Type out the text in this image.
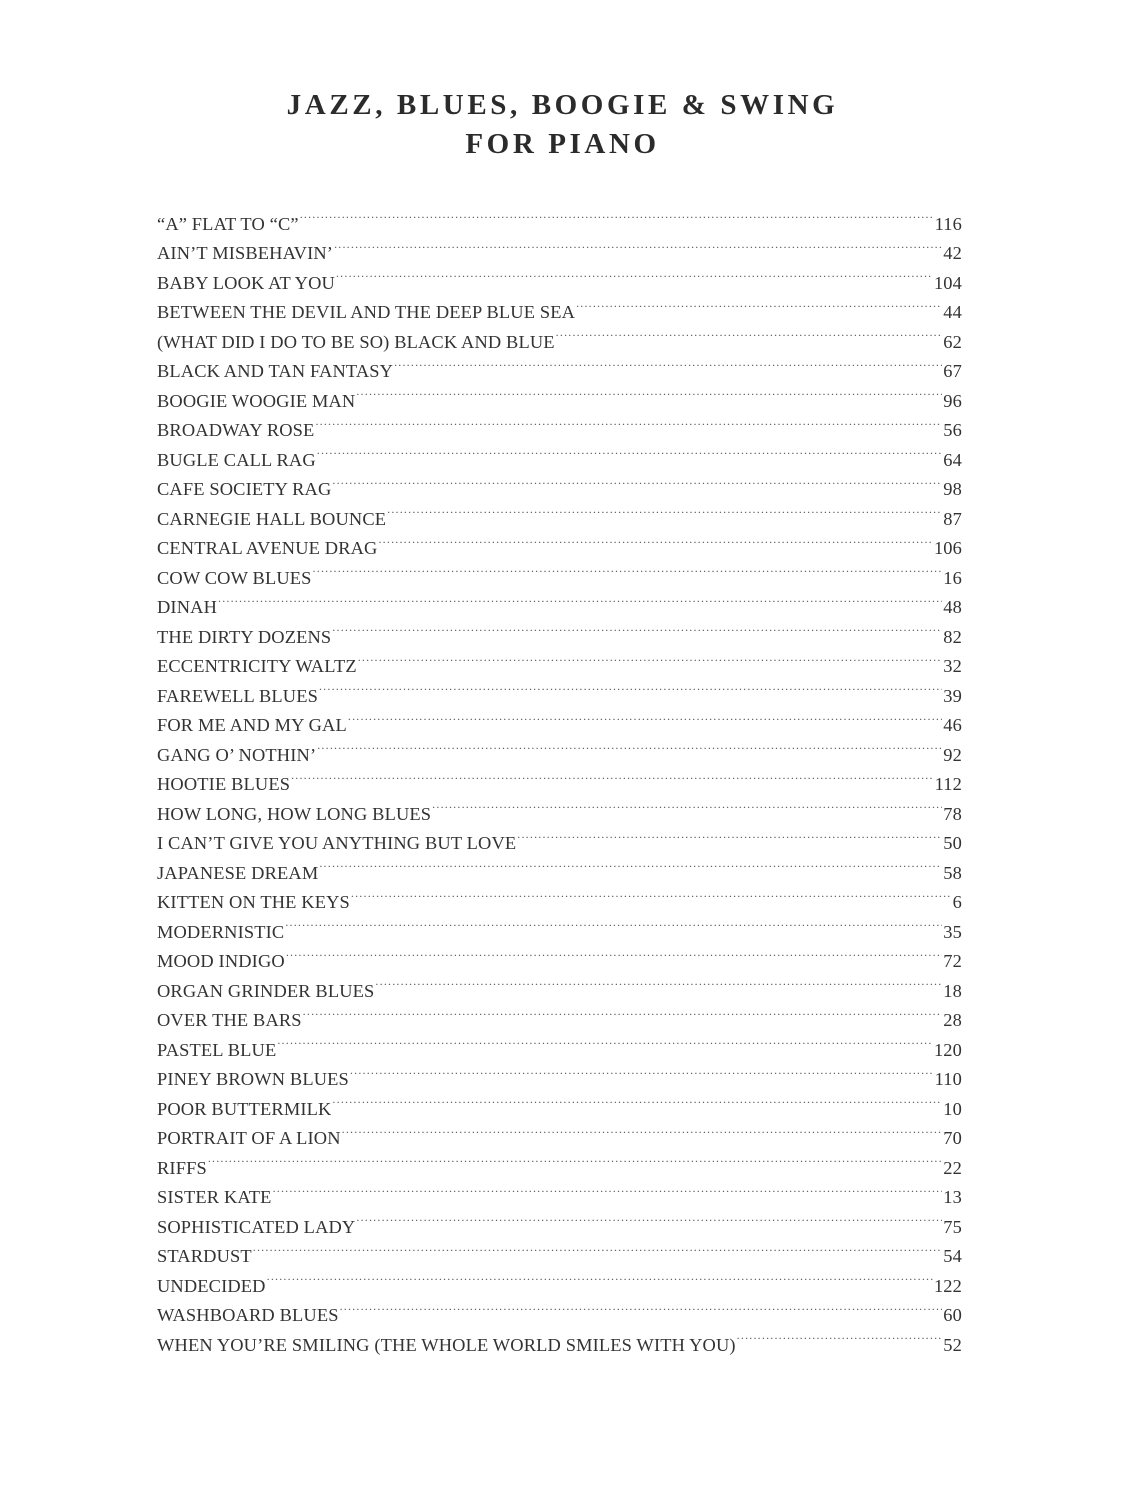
JAZZ, BLUES, BOOGIE & SWING
FOR PIANO
“A” FLAT TO “C” .....	116
AIN’T MISBEHAVIN’ .....	42
BABY LOOK AT YOU .....	104
BETWEEN THE DEVIL AND THE DEEP BLUE SEA .....	44
(WHAT DID I DO TO BE SO) BLACK AND BLUE .....	62
BLACK AND TAN FANTASY .....	67
BOOGIE WOOGIE MAN .....	96
BROADWAY ROSE .....	56
BUGLE CALL RAG .....	64
CAFE SOCIETY RAG .....	98
CARNEGIE HALL BOUNCE .....	87
CENTRAL AVENUE DRAG .....	106
COW COW BLUES .....	16
DINAH .....	48
THE DIRTY DOZENS .....	82
ECCENTRICITY WALTZ .....	32
FAREWELL BLUES .....	39
FOR ME AND MY GAL .....	46
GANG O’ NOTHIN’ .....	92
HOOTIE BLUES .....	112
HOW LONG, HOW LONG BLUES .....	78
I CAN’T GIVE YOU ANYTHING BUT LOVE .....	50
JAPANESE DREAM .....	58
KITTEN ON THE KEYS .....	6
MODERNISTIC .....	35
MOOD INDIGO .....	72
ORGAN GRINDER BLUES .....	18
OVER THE BARS .....	28
PASTEL BLUE .....	120
PINEY BROWN BLUES .....	110
POOR BUTTERMILK .....	10
PORTRAIT OF A LION .....	70
RIFFS .....	22
SISTER KATE .....	13
SOPHISTICATED LADY .....	75
STARDUST .....	54
UNDECIDED .....	122
WASHBOARD BLUES .....	60
WHEN YOU’RE SMILING (THE WHOLE WORLD SMILES WITH YOU) .....	52
